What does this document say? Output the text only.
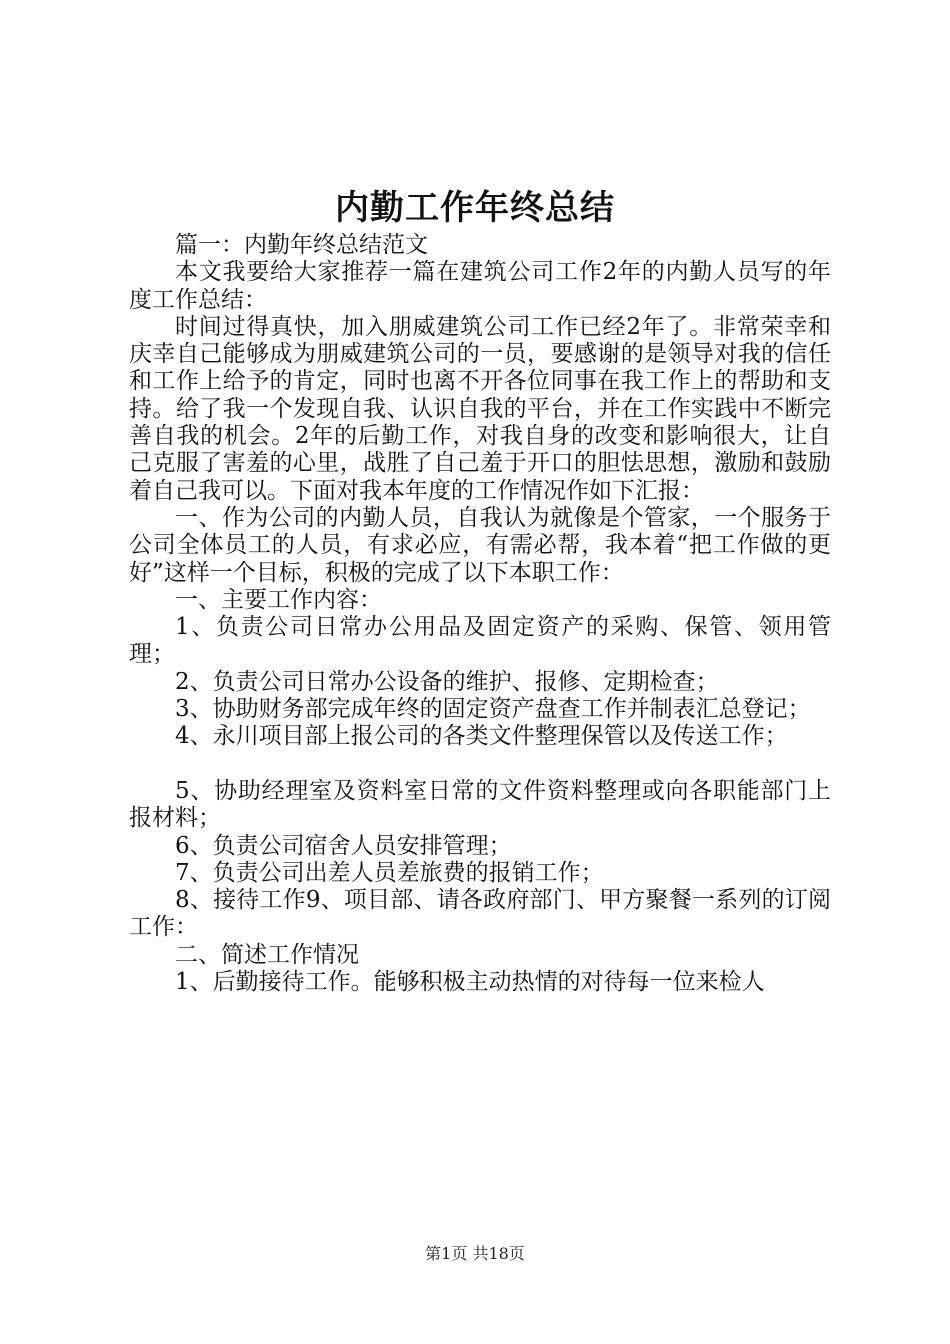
内勤工作年终总结

篇一：内勤年终总结范文

本文我要给大家推荐一篇在建筑公司工作2年的内勤人员写的年度工作总结：

时间过得真快，加入朋威建筑公司工作已经2年了。非常荣幸和庆幸自己能够成为朋威建筑公司的一员，要感谢的是领导对我的信任和工作上给予的肯定，同时也离不开各位同事在我工作上的帮助和支持。给了我一个发现自我、认识自我的平台，并在工作实践中不断完善自我的机会。2年的后勤工作，对我自身的改变和影响很大，让自己克服了害羞的心里，战胜了自己羞于开口的胆怯思想，激励和鼓励着自己我可以。下面对我本年度的工作情况作如下汇报：

一、作为公司的内勤人员，自我认为就像是个管家，一个服务于公司全体员工的人员，有求必应，有需必帮，我本着“把工作做的更好”这样一个目标，积极的完成了以下本职工作：

一、主要工作内容：

1、负责公司日常办公用品及固定资产的采购、保管、领用管理；

2、负责公司日常办公设备的维护、报修、定期检查；

3、协助财务部完成年终的固定资产盘查工作并制表汇总登记；

4、永川项目部上报公司的各类文件整理保管以及传送工作；

5、协助经理室及资料室日常的文件资料整理或向各职能部门上报材料；

6、负责公司宿舍人员安排管理；

7、负责公司出差人员差旅费的报销工作；

8、接待工作9、项目部、请各政府部门、甲方聚餐一系列的订阅工作：

二、简述工作情况

1、后勤接待工作。能够积极主动热情的对待每一位来检人

第1页 共18页
